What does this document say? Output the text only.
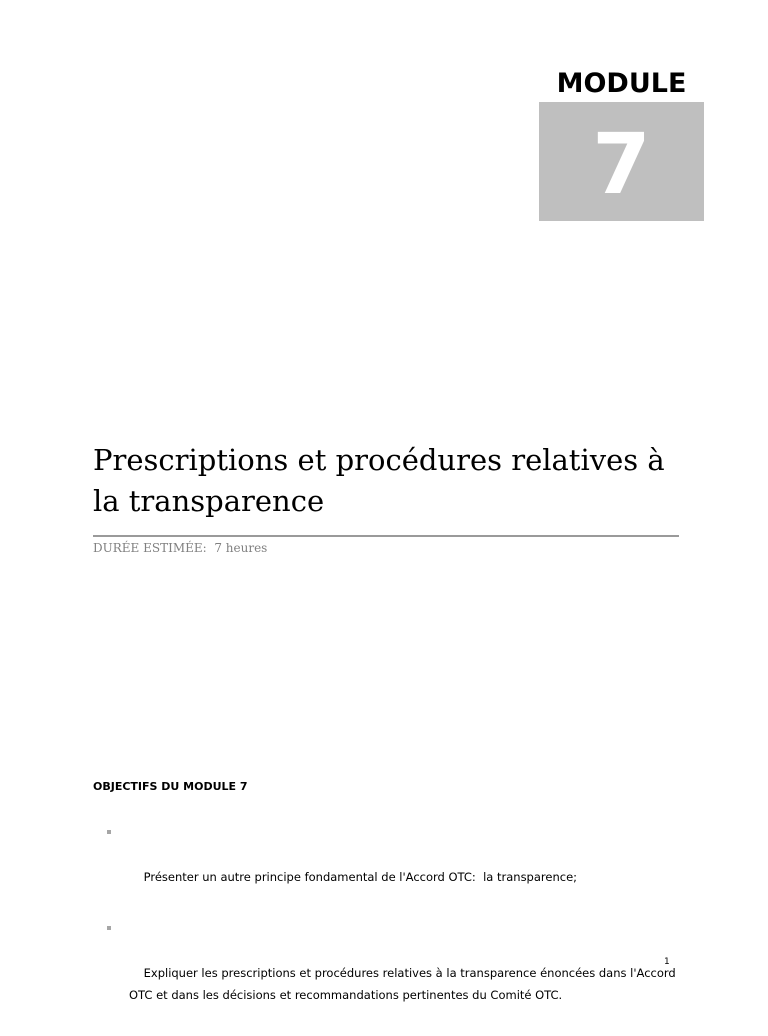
MODULE
7
Prescriptions et procédures relatives à la transparence
DURÉE ESTIMÉE: 7 heures
OBJECTIFS DU MODULE 7

Présenter un autre principe fondamental de l'Accord OTC:  la transparence;

Expliquer les prescriptions et procédures relatives à la transparence énoncées dans l'Accord OTC et dans les décisions et recommandations pertinentes du Comité OTC.

1
